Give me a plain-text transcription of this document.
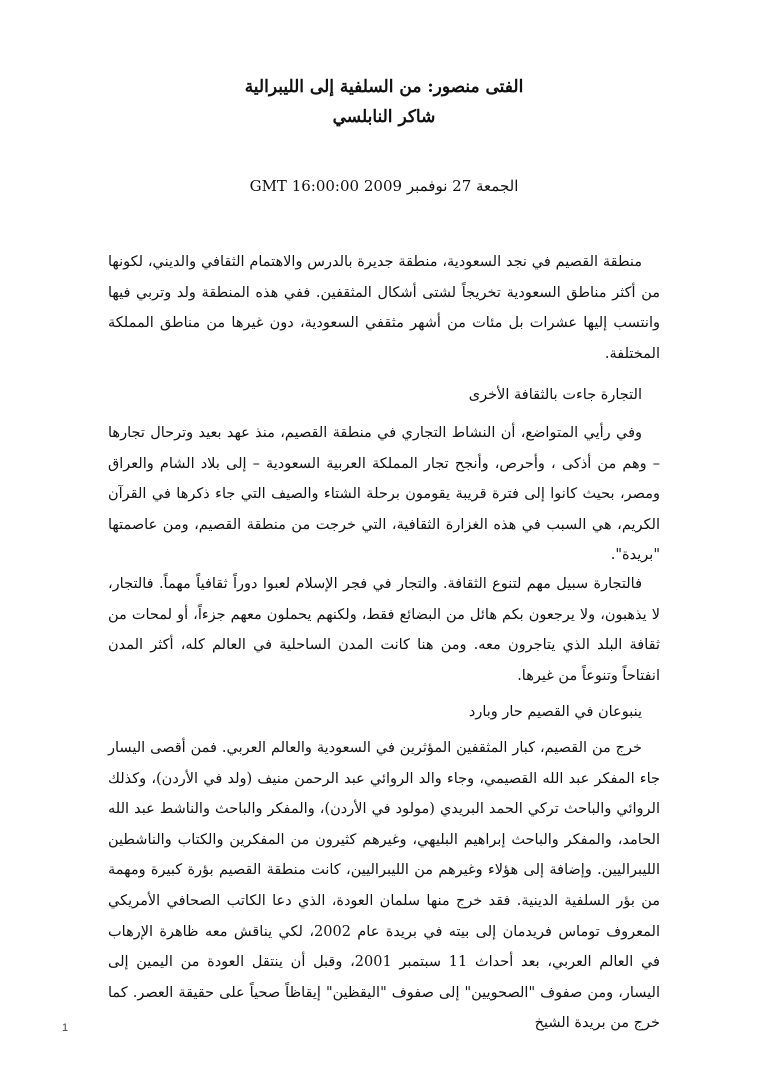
الفتى منصور: من السلفية إلى الليبرالية
شاكر النابلسي
الجمعة 27 نوفمبر 2009 GMT 16:00:00

منطقة القصيم في نجد السعودية، منطقة جديرة بالدرس والاهتمام الثقافي والديني، لكونها من أكثر مناطق السعودية تخريجاً لشتى أشكال المثقفين. ففي هذه المنطقة ولد وتربي فيها وانتسب إليها عشرات بل مئات من أشهر مثقفي السعودية، دون غيرها من مناطق المملكة المختلفة.

التجارة جاءت بالثقافة الأخرى

وفي رأيي المتواضع، أن النشاط التجاري في منطقة القصيم، منذ عهد بعيد وترحال تجارها – وهم من أذكى ، وأحرص، وأنجح تجار المملكة العربية السعودية – إلى بلاد الشام والعراق ومصر، بحيث كانوا إلى فترة قريبة يقومون برحلة الشتاء والصيف التي جاء ذكرها في القرآن الكريم، هي السبب في هذه الغزارة الثقافية، التي خرجت من منطقة القصيم، ومن عاصمتها "بريدة".

فالتجارة سبيل مهم لتنوع الثقافة. والتجار في فجر الإسلام لعبوا دوراً ثقافياً مهماً. فالتجار، لا يذهبون، ولا يرجعون بكم هائل من البضائع فقط، ولكنهم يحملون معهم جزءاً، أو لمحات من ثقافة البلد الذي يتاجرون معه. ومن هنا كانت المدن الساحلية في العالم كله، أكثر المدن انفتاحاً وتنوعاً من غيرها.

ينبوعان في القصيم حار وبارد

خرج من القصيم، كبار المثقفين المؤثرين في السعودية والعالم العربي. فمن أقصى اليسار جاء المفكر عبد الله القصيمي، وجاء والد الروائي عبد الرحمن منيف (ولد في الأردن)، وكذلك الروائي والباحث تركي الحمد البريدي (مولود في الأردن)، والمفكر والباحث والناشط عبد الله الحامد، والمفكر والباحث إبراهيم البليهي، وغيرهم كثيرون من المفكرين والكتاب والناشطين الليبراليين. وإضافة إلى هؤلاء وغيرهم من الليبراليين، كانت منطقة القصيم بؤرة كبيرة ومهمة من بؤر السلفية الدينية. فقد خرج منها سلمان العودة، الذي دعا الكاتب الصحافي الأمريكي المعروف توماس فريدمان إلى بيته في بريدة عام 2002، لكي يناقش معه ظاهرة الإرهاب في العالم العربي، بعد أحداث 11 سبتمبر 2001، وقبل أن ينتقل العودة من اليمين إلى اليسار، ومن صفوف "الصحويين" إلى صفوف "اليقظين" إيقاظاً صحياً على حقيقة العصر. كما خرج من بريدة الشيخ

1
